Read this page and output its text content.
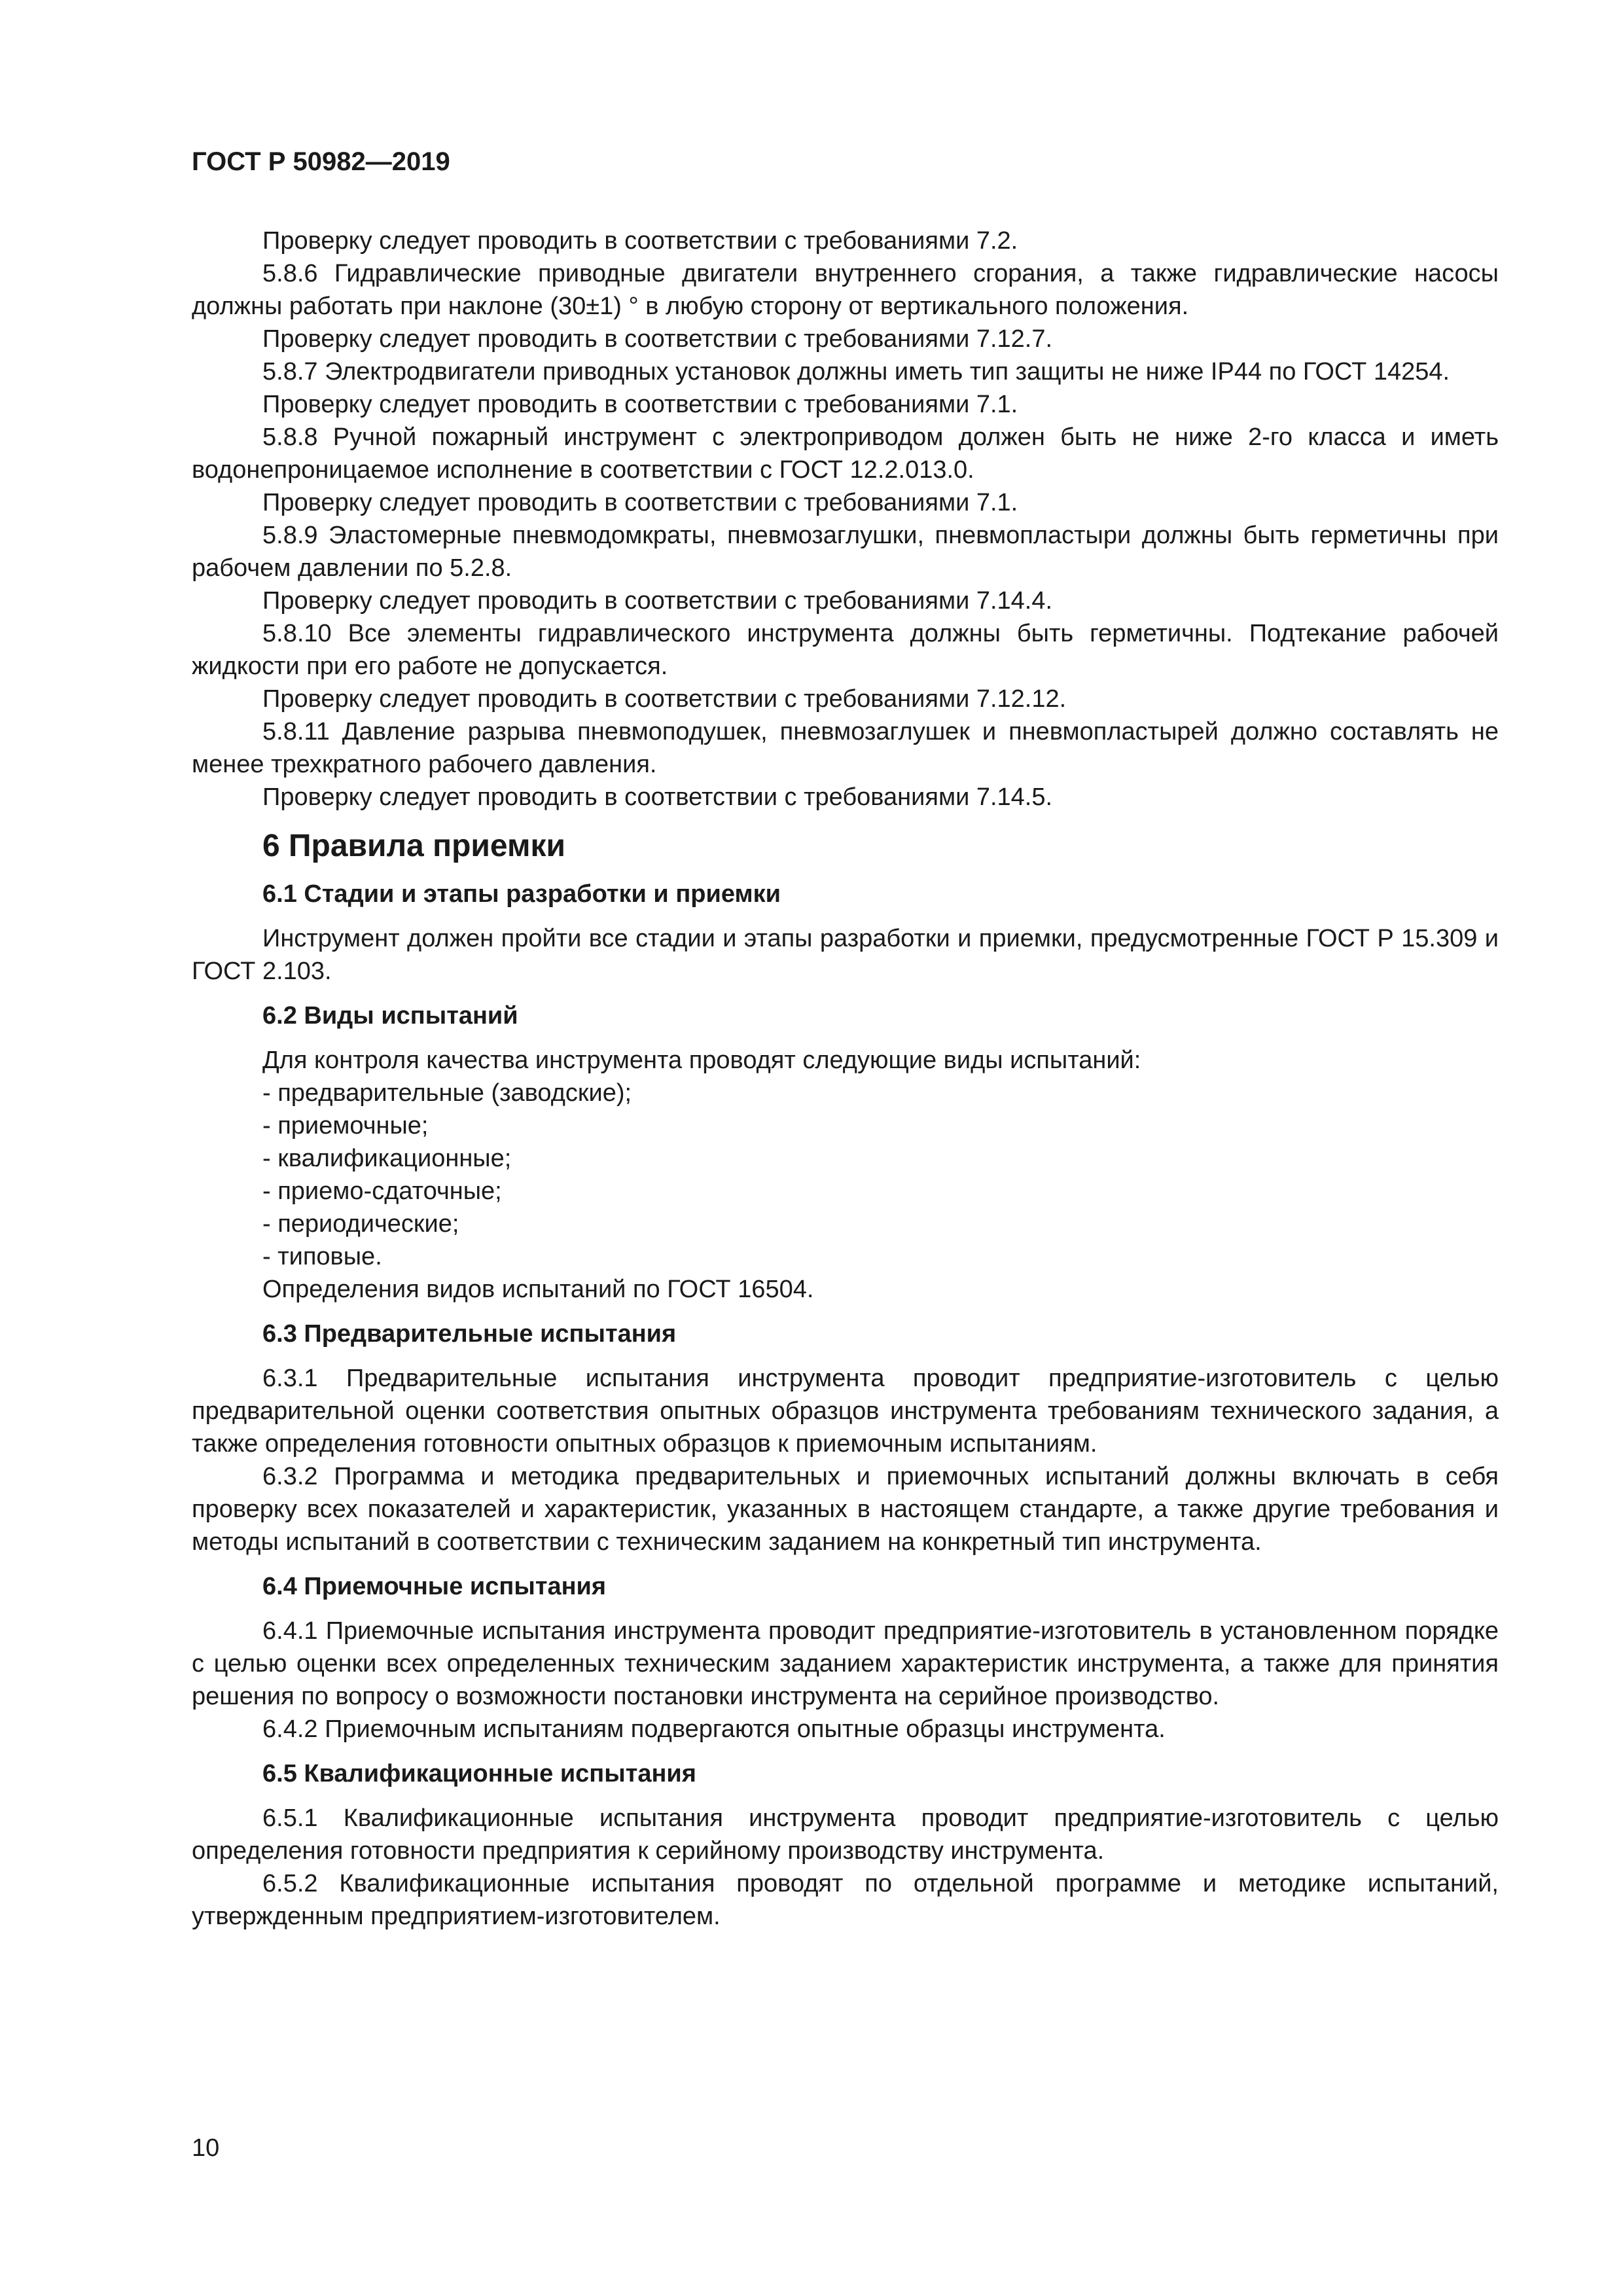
ГОСТ Р 50982—2019

Проверку следует проводить в соответствии с требованиями 7.2.

5.8.6 Гидравлические приводные двигатели внутреннего сгорания, а также гидравлические насосы должны работать при наклоне (30±1) ° в любую сторону от вертикального положения.

Проверку следует проводить в соответствии с требованиями 7.12.7.

5.8.7 Электродвигатели приводных установок должны иметь тип защиты не ниже IP44 по ГОСТ 14254.

Проверку следует проводить в соответствии с требованиями 7.1.

5.8.8 Ручной пожарный инструмент с электроприводом должен быть не ниже 2-го класса и иметь водонепроницаемое исполнение в соответствии с ГОСТ 12.2.013.0.

Проверку следует проводить в соответствии с требованиями 7.1.

5.8.9 Эластомерные пневмодомкраты, пневмозаглушки, пневмопластыри должны быть герметичны при рабочем давлении по 5.2.8.

Проверку следует проводить в соответствии с требованиями 7.14.4.

5.8.10 Все элементы гидравлического инструмента должны быть герметичны. Подтекание рабочей жидкости при его работе не допускается.

Проверку следует проводить в соответствии с требованиями 7.12.12.

5.8.11 Давление разрыва пневмоподушек, пневмозаглушек и пневмопластырей должно составлять не менее трехкратного рабочего давления.

Проверку следует проводить в соответствии с требованиями 7.14.5.

6 Правила приемки
6.1 Стадии и этапы разработки и приемки

Инструмент должен пройти все стадии и этапы разработки и приемки, предусмотренные ГОСТ Р 15.309 и ГОСТ 2.103.

6.2 Виды испытаний

Для контроля качества инструмента проводят следующие виды испытаний:

- предварительные (заводские);

- приемочные;

- квалификационные;

- приемо-сдаточные;

- периодические;

- типовые.

Определения видов испытаний по ГОСТ 16504.

6.3 Предварительные испытания

6.3.1 Предварительные испытания инструмента проводит предприятие-изготовитель с целью предварительной оценки соответствия опытных образцов инструмента требованиям технического задания, а также определения готовности опытных образцов к приемочным испытаниям.

6.3.2 Программа и методика предварительных и приемочных испытаний должны включать в себя проверку всех показателей и характеристик, указанных в настоящем стандарте, а также другие требования и методы испытаний в соответствии с техническим заданием на конкретный тип инструмента.

6.4 Приемочные испытания

6.4.1 Приемочные испытания инструмента проводит предприятие-изготовитель в установленном порядке с целью оценки всех определенных техническим заданием характеристик инструмента, а также для принятия решения по вопросу о возможности постановки инструмента на серийное производство.

6.4.2 Приемочным испытаниям подвергаются опытные образцы инструмента.

6.5 Квалификационные испытания

6.5.1 Квалификационные испытания инструмента проводит предприятие-изготовитель с целью определения готовности предприятия к серийному производству инструмента.

6.5.2 Квалификационные испытания проводят по отдельной программе и методике испытаний, утвержденным предприятием-изготовителем.

10
